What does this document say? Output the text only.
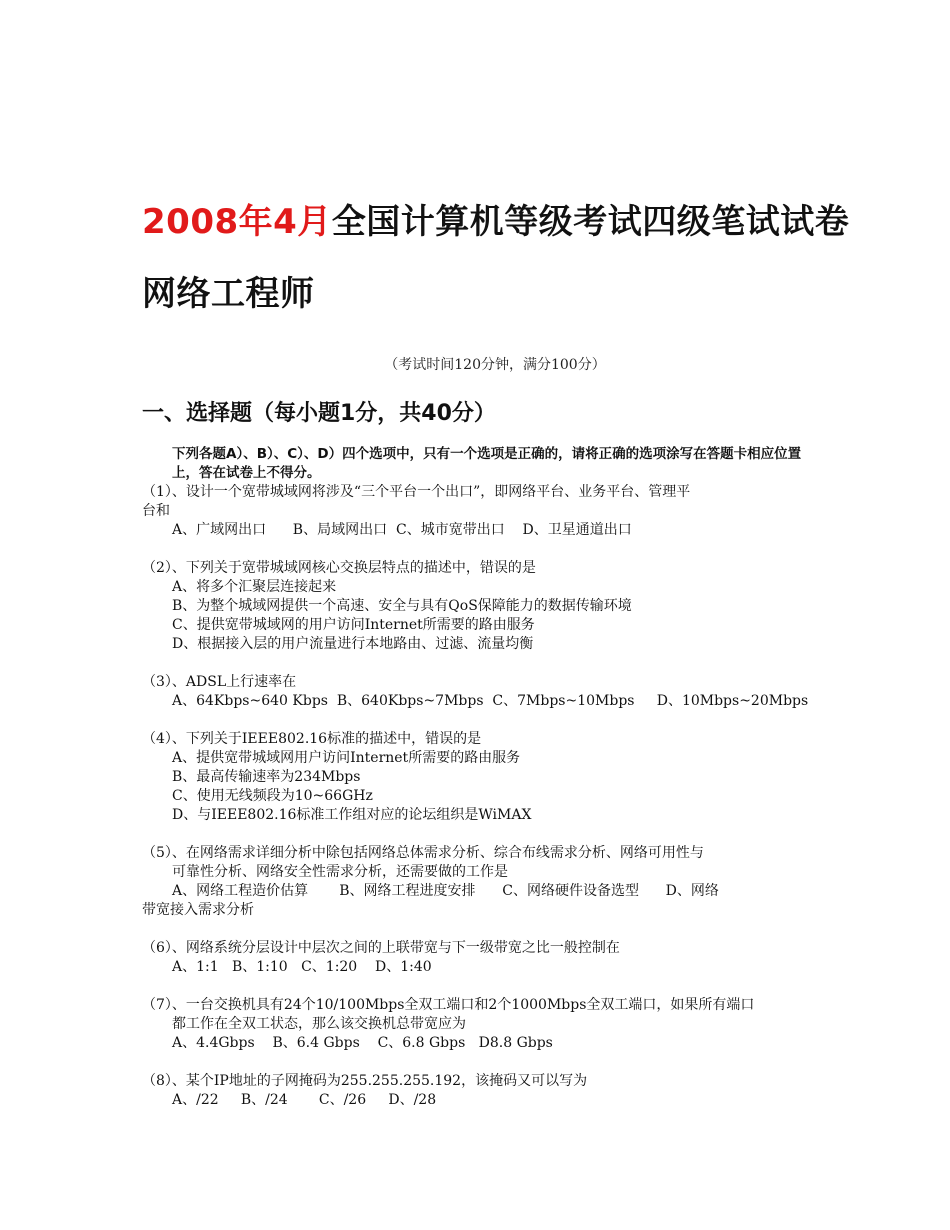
2008年4月全国计算机等级考试四级笔试试卷
网络工程师
（考试时间120分钟，满分100分）
一、选择题（每小题1分，共40分）
下列各题A）、B）、C）、D）四个选项中，只有一个选项是正确的，请将正确的选项涂写在答题卡相应位置上，答在试卷上不得分。
（1）、设计一个宽带城域网将涉及“三个平台一个出口”，即网络平台、业务平台、管理平
台和
A、广域网出口      B、局域网出口  C、城市宽带出口    D、卫星通道出口
（2）、下列关于宽带城域网核心交换层特点的描述中，错误的是
A、将多个汇聚层连接起来
B、为整个城域网提供一个高速、安全与具有QoS保障能力的数据传输环境
C、提供宽带城域网的用户访问Internet所需要的路由服务
D、根据接入层的用户流量进行本地路由、过滤、流量均衡
（3）、ADSL上行速率在
A、64Kbps~640 Kbps  B、640Kbps~7Mbps  C、7Mbps~10Mbps     D、10Mbps~20Mbps
（4）、下列关于IEEE802.16标准的描述中，错误的是
A、提供宽带城域网用户访问Internet所需要的路由服务
B、最高传输速率为234Mbps
C、使用无线频段为10~66GHz
D、与IEEE802.16标准工作组对应的论坛组织是WiMAX
（5）、在网络需求详细分析中除包括网络总体需求分析、综合布线需求分析、网络可用性与
可靠性分析、网络安全性需求分析，还需要做的工作是
A、网络工程造价估算       B、网络工程进度安排      C、网络硬件设备选型      D、网络
带宽接入需求分析
（6）、网络系统分层设计中层次之间的上联带宽与下一级带宽之比一般控制在
A、1:1   B、1:10   C、1:20    D、1:40
（7）、一台交换机具有24个10/100Mbps全双工端口和2个1000Mbps全双工端口，如果所有端口
都工作在全双工状态，那么该交换机总带宽应为
A、4.4Gbps    B、6.4 Gbps    C、6.8 Gbps   D8.8 Gbps
（8）、某个IP地址的子网掩码为255.255.255.192，该掩码又可以写为
A、/22     B、/24       C、/26     D、/28
